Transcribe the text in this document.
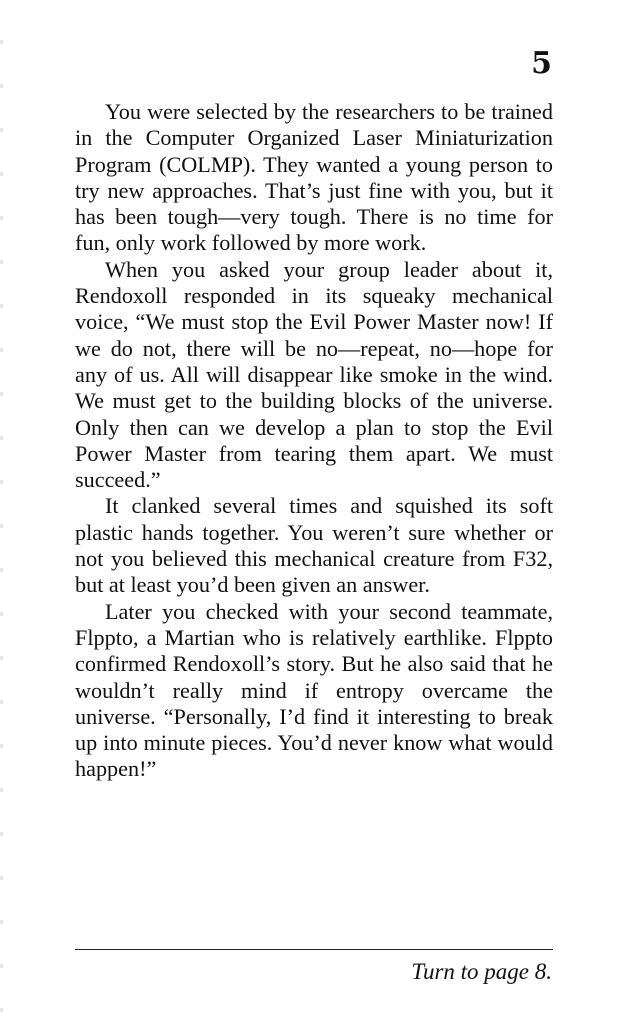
5

You were selected by the researchers to be trained in the Computer Organized Laser Miniaturization Program (COLMP). They wanted a young person to try new approaches. That’s just fine with you, but it has been tough—very tough. There is no time for fun, only work followed by more work.

When you asked your group leader about it, Rendoxoll responded in its squeaky mechanical voice, “We must stop the Evil Power Master now! If we do not, there will be no—repeat, no—hope for any of us. All will disappear like smoke in the wind. We must get to the building blocks of the universe. Only then can we develop a plan to stop the Evil Power Master from tearing them apart. We must succeed.”

It clanked several times and squished its soft plastic hands together. You weren’t sure whether or not you believed this mechanical creature from F32, but at least you’d been given an answer.

Later you checked with your second teammate, Flppto, a Martian who is relatively earthlike. Flppto confirmed Rendoxoll’s story. But he also said that he wouldn’t really mind if entropy overcame the universe. “Personally, I’d find it interesting to break up into minute pieces. You’d never know what would happen!”

Turn to page 8.
